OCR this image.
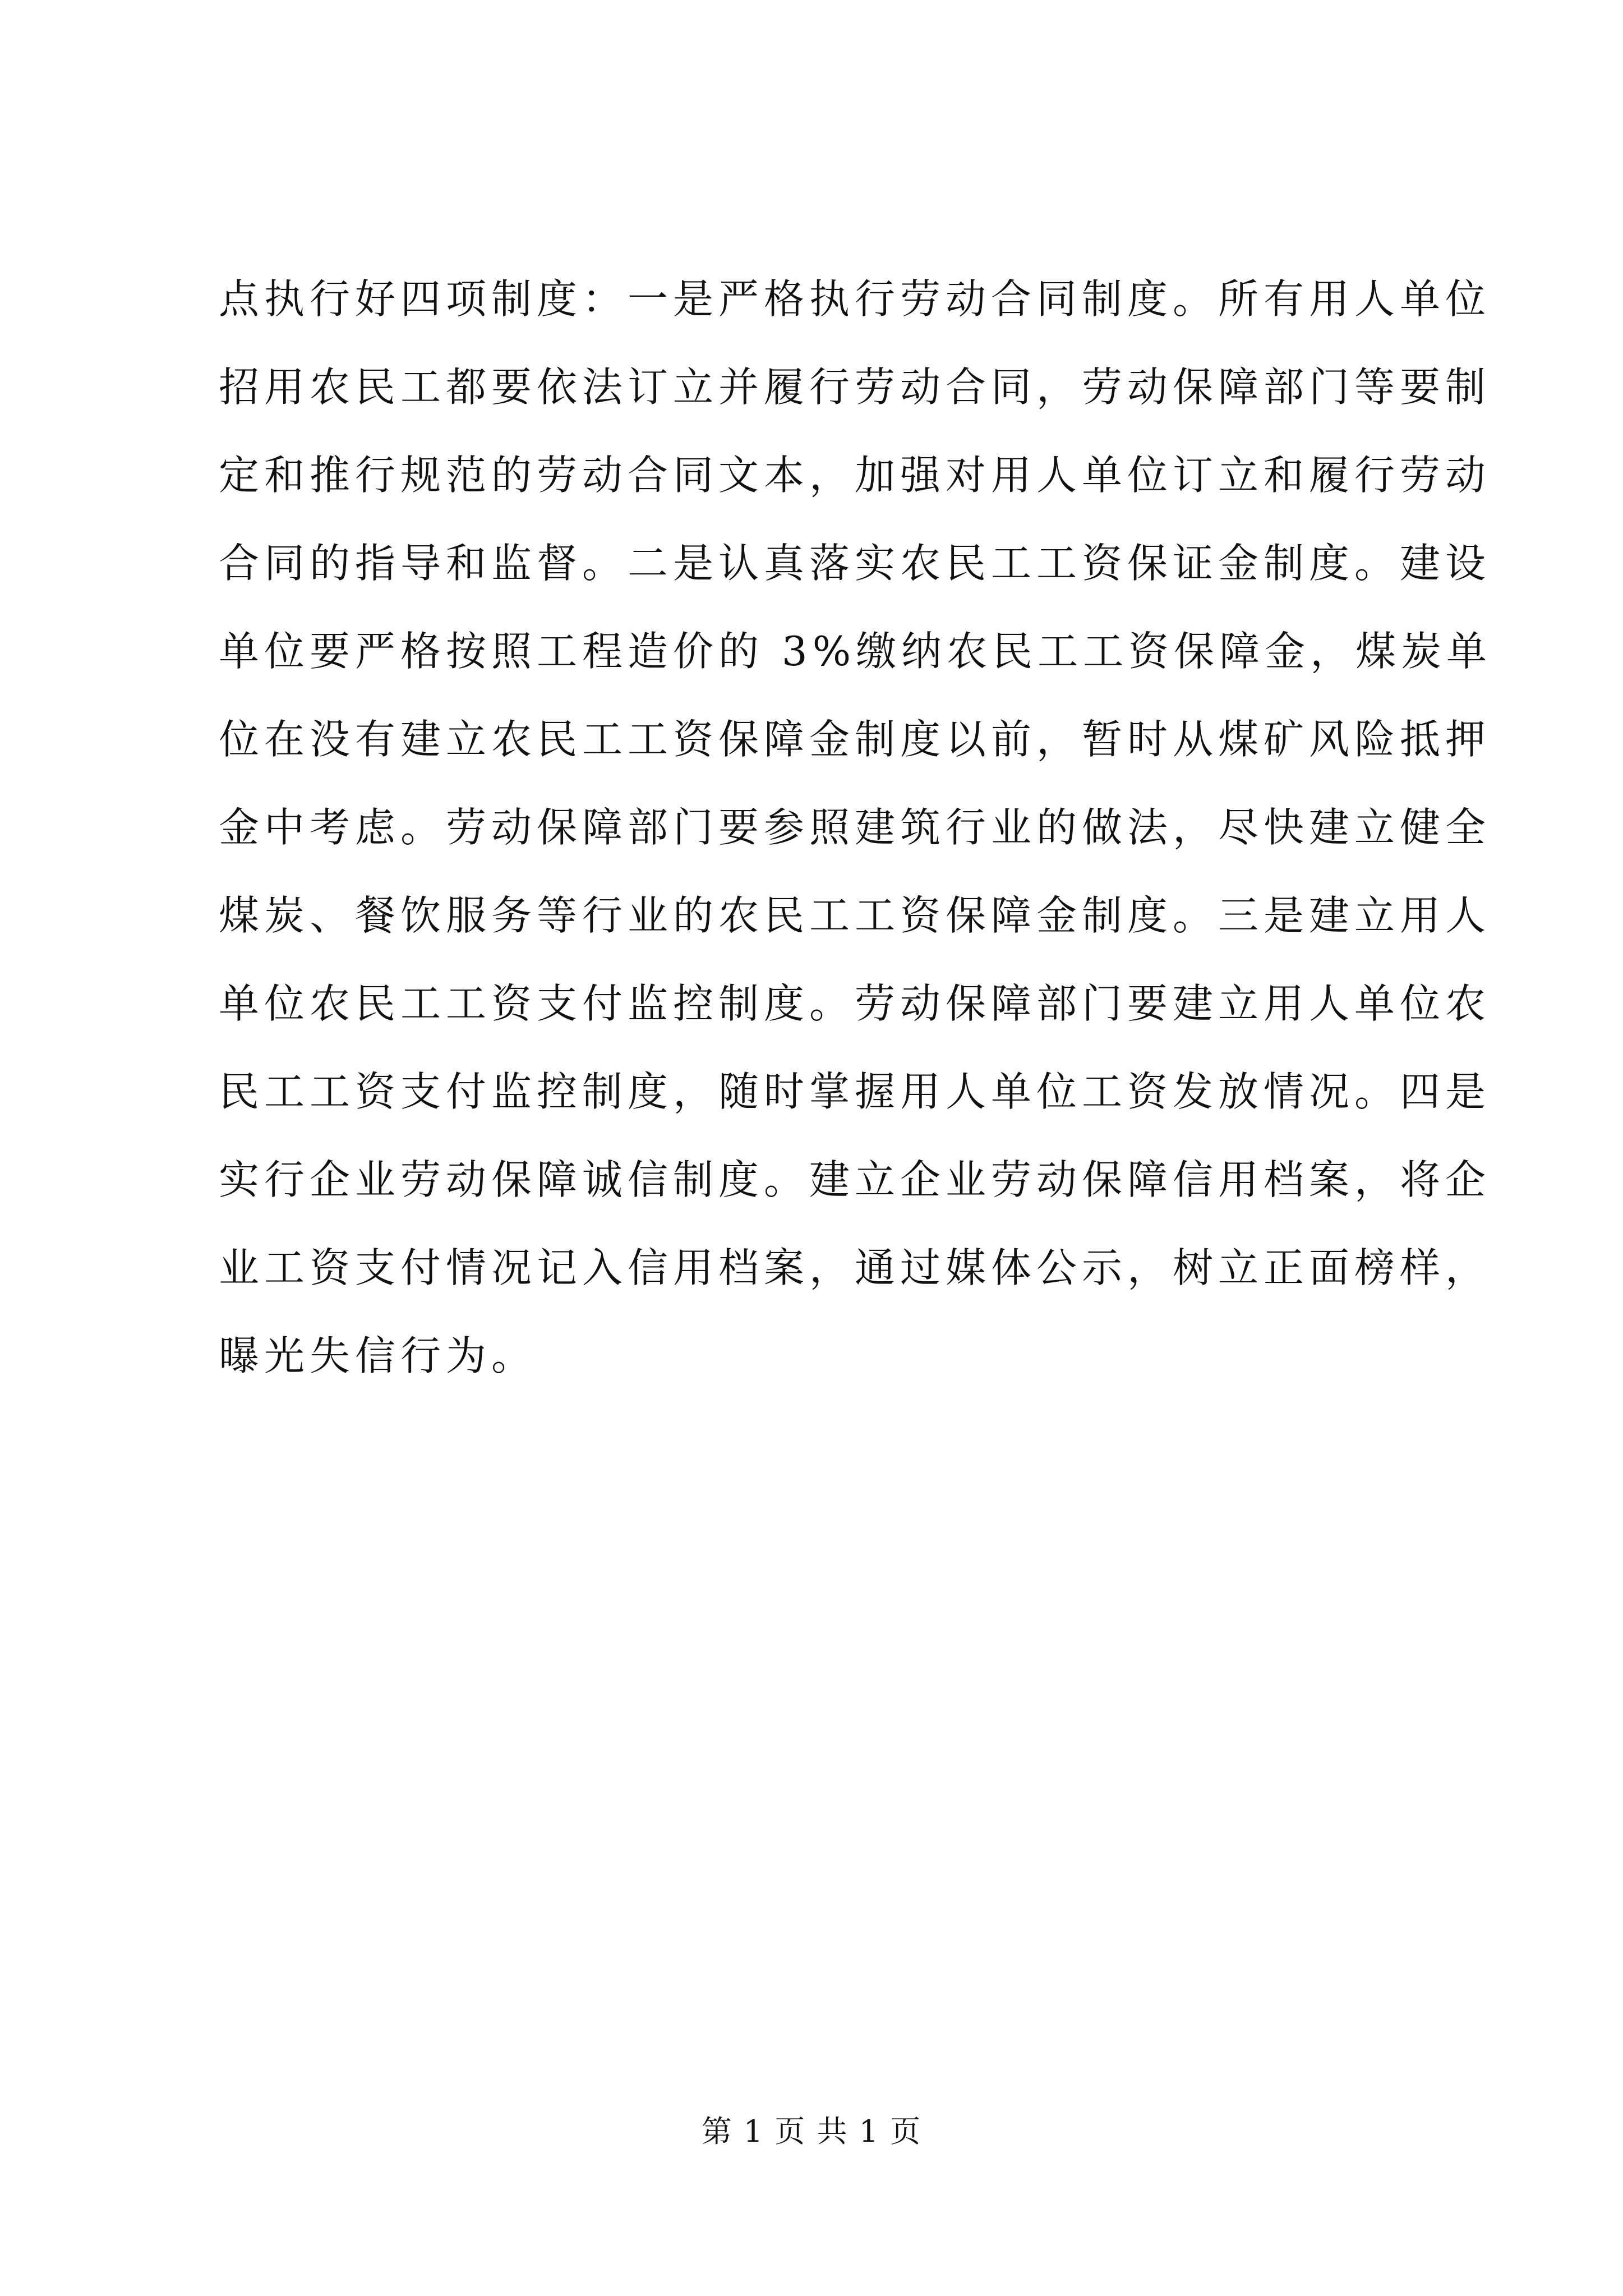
点执行好四项制度：一是严格执行劳动合同制度。所有用人单位
招用农民工都要依法订立并履行劳动合同，劳动保障部门等要制
定和推行规范的劳动合同文本，加强对用人单位订立和履行劳动
合同的指导和监督。二是认真落实农民工工资保证金制度。建设
单位要严格按照工程造价的 3%缴纳农民工工资保障金，煤炭单
位在没有建立农民工工资保障金制度以前，暂时从煤矿风险抵押
金中考虑。劳动保障部门要参照建筑行业的做法，尽快建立健全
煤炭、餐饮服务等行业的农民工工资保障金制度。三是建立用人
单位农民工工资支付监控制度。劳动保障部门要建立用人单位农
民工工资支付监控制度，随时掌握用人单位工资发放情况。四是
实行企业劳动保障诚信制度。建立企业劳动保障信用档案，将企
业工资支付情况记入信用档案，通过媒体公示，树立正面榜样，
曝光失信行为。
第 1 页 共 1 页
